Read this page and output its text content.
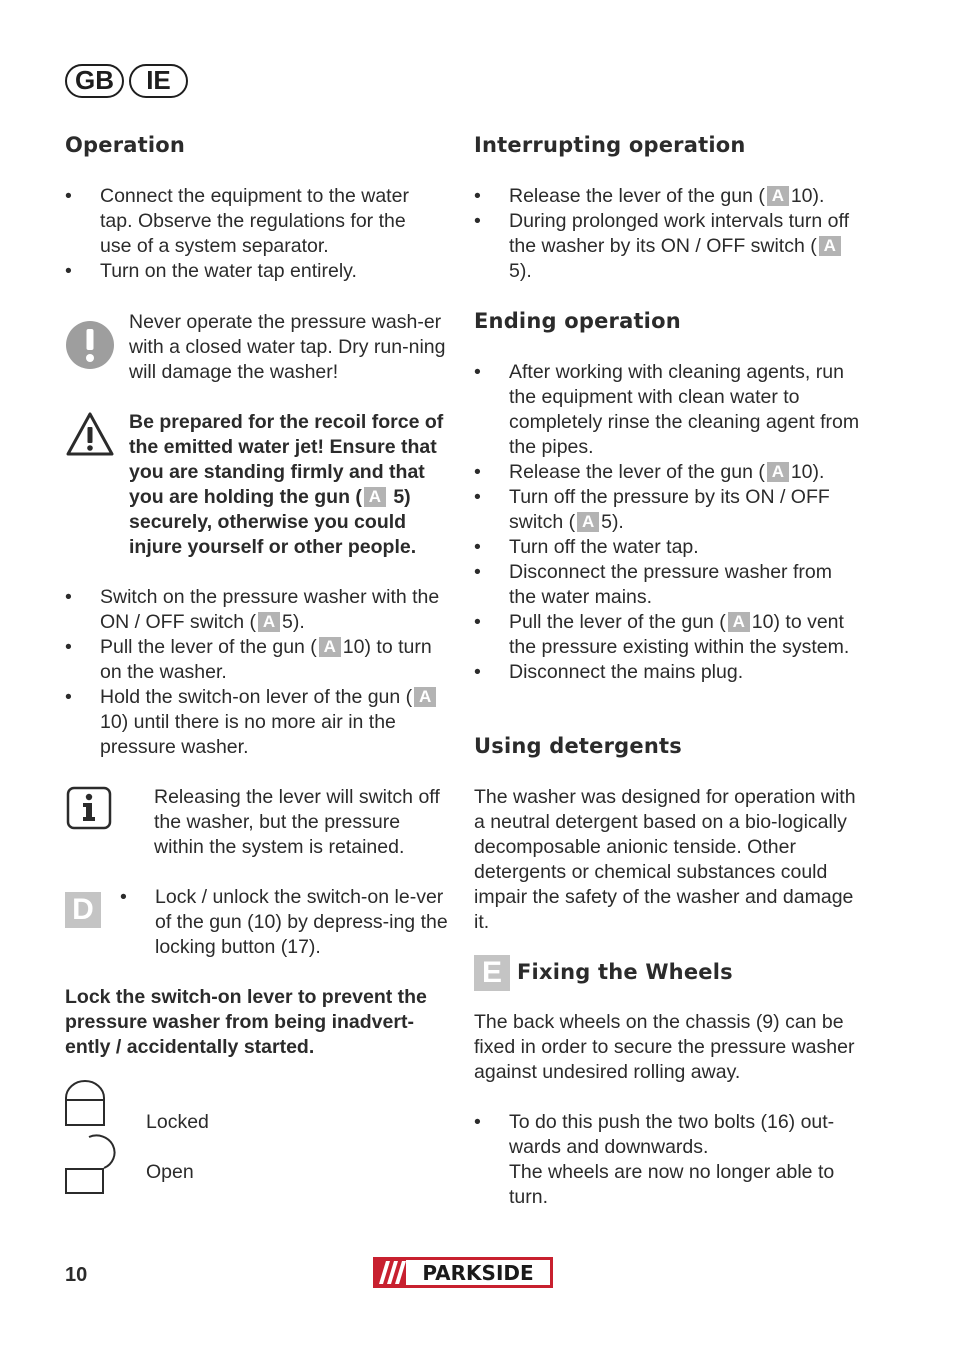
GB	IE
Operation
• Connect the equipment to the water tap. Observe the regulations for the use of a system separator.
• Turn on the water tap entirely.
Never operate the pressure wash-er with a closed water tap. Dry run-ning will damage the washer!
Be prepared for the recoil force of the emitted water jet! Ensure that you are standing firmly and that you are holding the gun ( A 5) securely, otherwise you could injure yourself or other people.
• Switch on the pressure washer with the ON / OFF switch ( A 5).
• Pull the lever of the gun ( A 10) to turn on the washer.
• Hold the switch-on lever of the gun ( A10) until there is no more air in the pressure washer.
Releasing the lever will switch off the washer, but the pressure within the system is retained.
D
•	Lock / unlock the switch-on le-ver of the gun (10) by depress-ing the locking button (17).
Lock the switch-on lever to prevent the pressure washer from being inadvert-ently / accidentally started.
Locked
Open
Interrupting operation
• Release the lever of the gun ( A 10).
• During prolonged work intervals turn off the washer by its ON / OFF switch ( A5).
Ending operation
• After working with cleaning agents, run the equipment with clean water to completely rinse the cleaning agent from the pipes.
• Release the lever of the gun ( A 10).
• Turn off the pressure by its ON / OFF switch ( A 5).
• Turn off the water tap.
• Disconnect the pressure washer from the water mains.
• Pull the lever of the gun ( A 10) to vent the pressure existing within the system.
• Disconnect the mains plug.
Using detergents
The washer was designed for operation with a neutral detergent based on a bio-logically decomposable anionic tenside. Other detergents or chemical substances could impair the safety of the washer and damage it.
E Fixing the Wheels
The back wheels on the chassis (9) can be fixed in order to secure the pressure washer against undesired rolling away.
• To do this push the two bolts (16) out-wards and downwards.
The wheels are now no longer able to turn.
10	PARKSIDE
